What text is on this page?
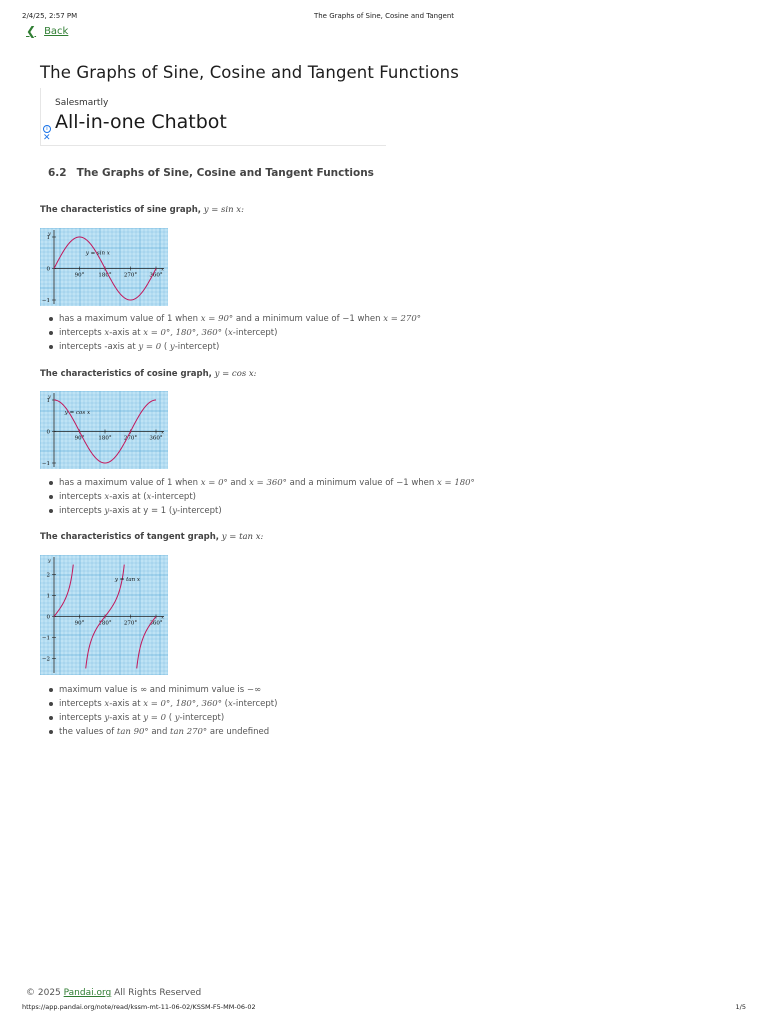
2/4/25, 2:57 PM	The Graphs of Sine, Cosine and Tangent
❮ Back
The Graphs of Sine, Cosine and Tangent Functions
Salesmartly
All-in-one Chatbot
i
✕
6.2 The Graphs of Sine, Cosine and Tangent Functions
The characteristics of sine graph, y = sin x:
x
y
90°	180° 270° 360°
1
0
−1
y = sin x
has a maximum value of 1 when x = 90° and a minimum value of −1 when x = 270°
intercepts x-axis at x = 0°, 180°, 360° (x-intercept)
intercepts -axis at y = 0 ( y-intercept)
The characteristics of cosine graph, y = cos x:
x
y
90°	180° 270° 360°
1
0
−1
y = cos x
has a maximum value of 1 when x = 0° and x = 360° and a minimum value of −1 when x = 180°
intercepts x-axis at (x-intercept)
intercepts y-axis at y = 1 (y-intercept)
The characteristics of tangent graph, y = tan x:
x
y
90°	180° 270° 360°
2
1
0
−1
−2
y = tan x
maximum value is ∞ and minimum value is −∞
intercepts x-axis at x = 0°, 180°, 360° (x-intercept)
intercepts y-axis at y = 0 ( y-intercept)
the values of tan 90° and tan 270° are undefined
© 2025 Pandai.org All Rights Reserved
https://app.pandai.org/note/read/kssm-mt-11-06-02/KSSM-F5-MM-06-02	1/5
